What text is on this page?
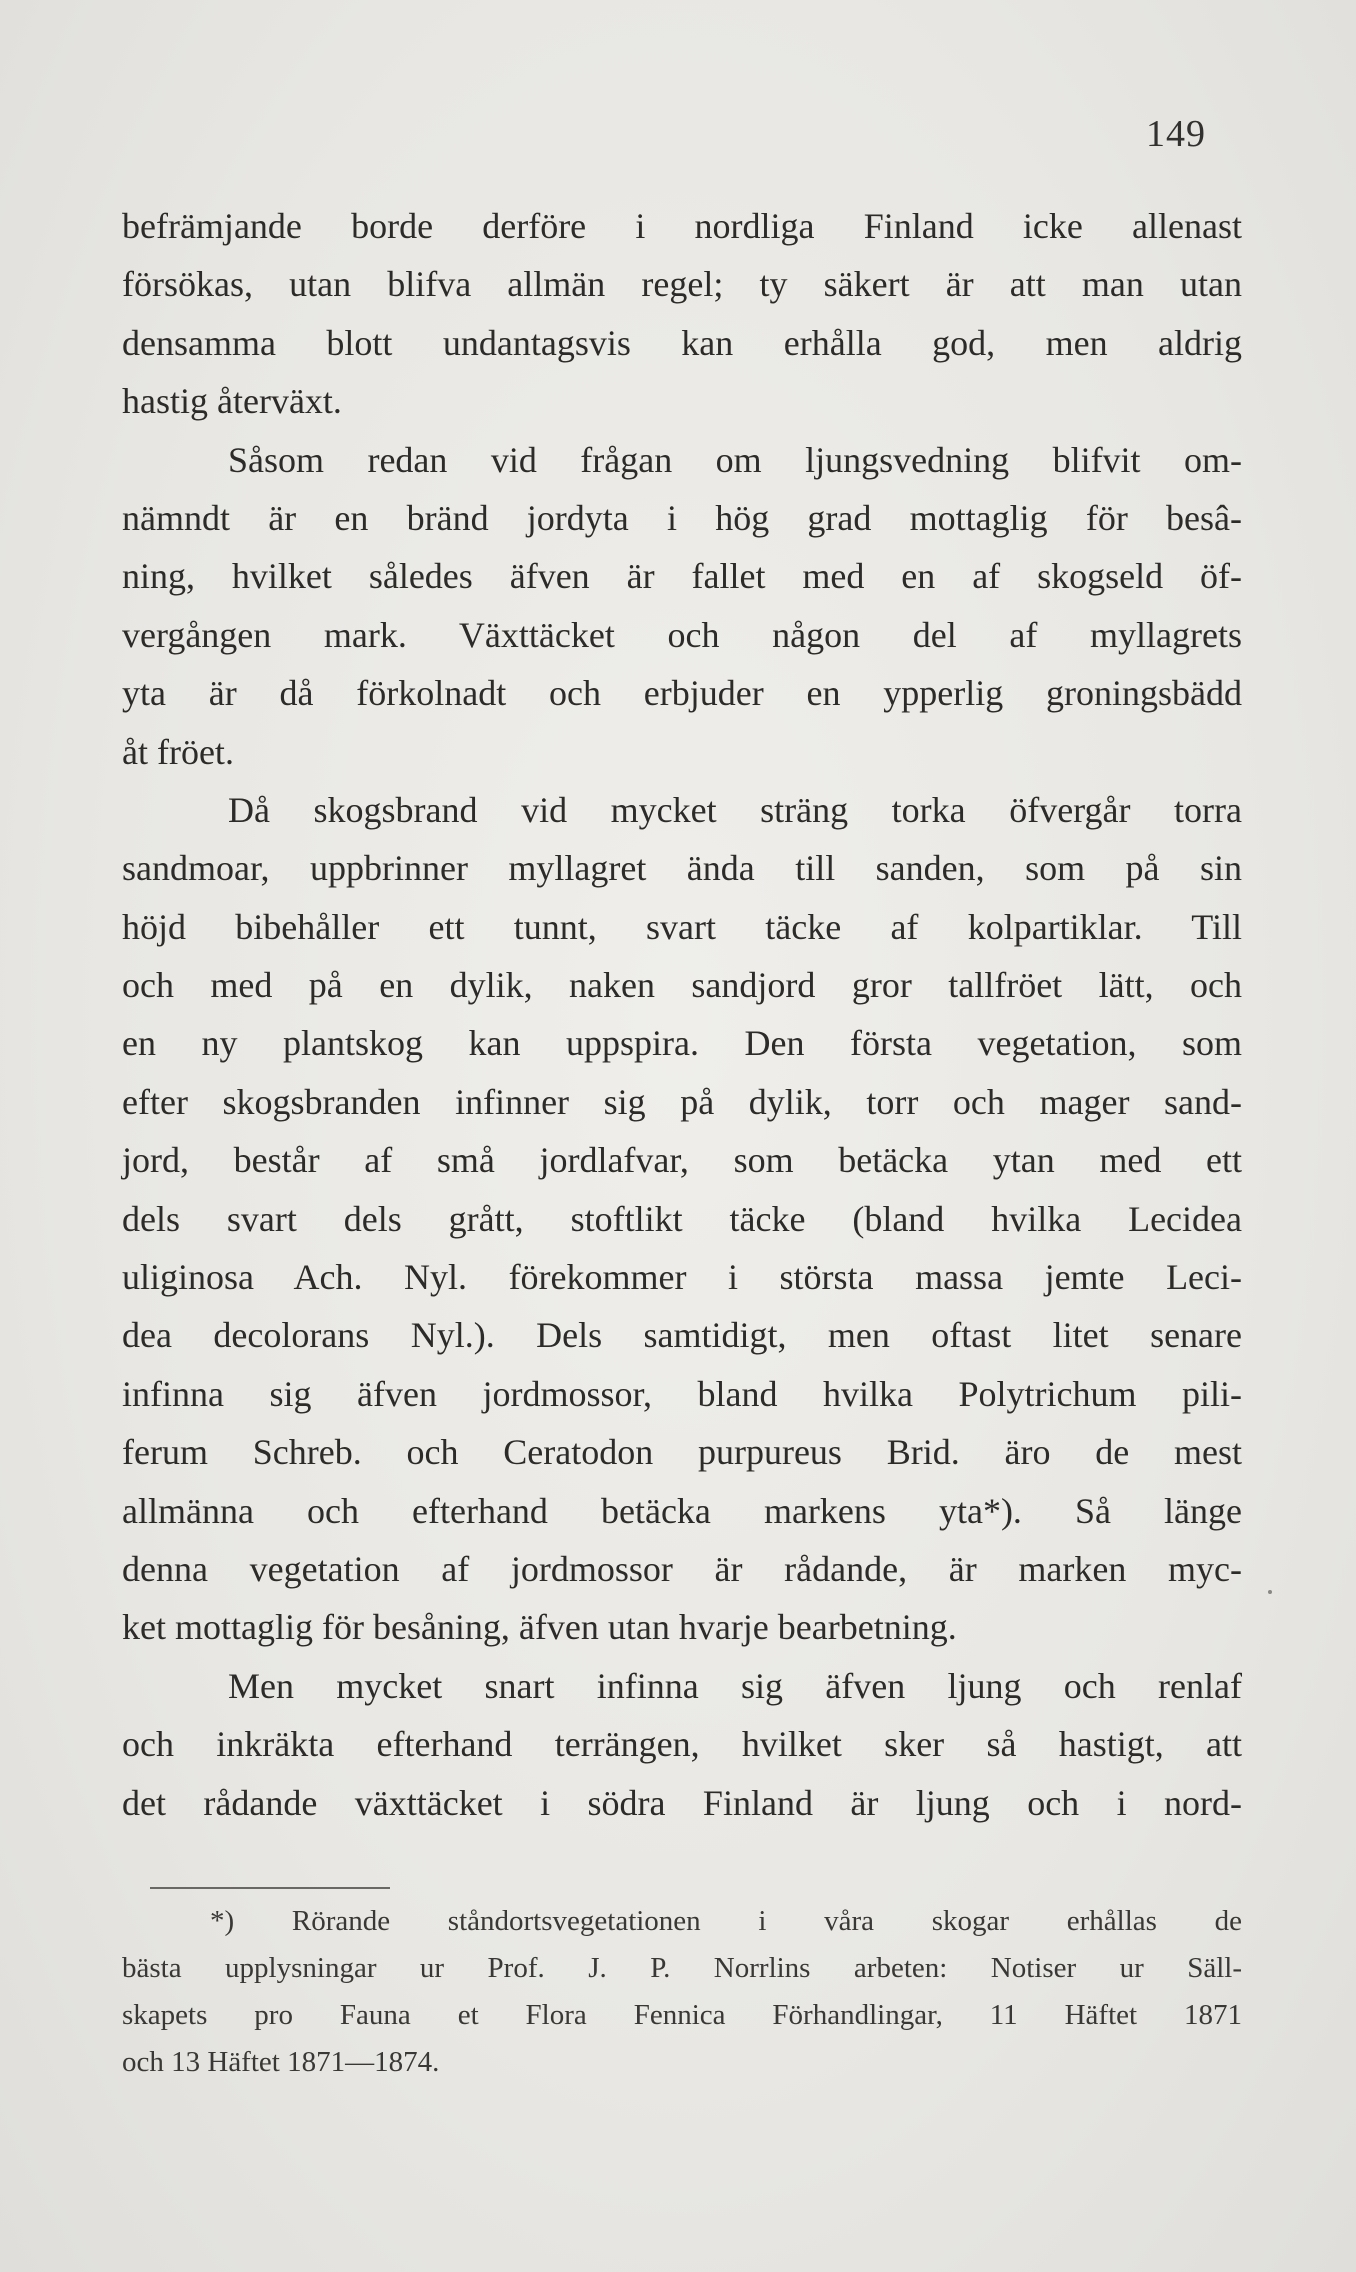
149
befrämjande borde derföre i nordliga Finland icke allenast
försökas, utan blifva allmän regel; ty säkert är att man utan
densamma blott undantagsvis kan erhålla god, men aldrig
hastig återväxt.
Såsom redan vid frågan om ljungsvedning blifvit om-
nämndt är en bränd jordyta i hög grad mottaglig för besâ-
ning, hvilket således äfven är fallet med en af skogseld öf-
vergången mark. Växttäcket och någon del af myllagrets
yta är då förkolnadt och erbjuder en ypperlig groningsbädd
åt fröet.
Då skogsbrand vid mycket sträng torka öfvergår torra
sandmoar, uppbrinner myllagret ända till sanden, som på sin
höjd bibehåller ett tunnt, svart täcke af kolpartiklar. Till
och med på en dylik, naken sandjord gror tallfröet lätt, och
en ny plantskog kan uppspira. Den första vegetation, som
efter skogsbranden infinner sig på dylik, torr och mager sand-
jord, består af små jordlafvar, som betäcka ytan med ett
dels svart dels grått, stoftlikt täcke (bland hvilka Lecidea
uliginosa Ach. Nyl. förekommer i största massa jemte Leci-
dea decolorans Nyl.). Dels samtidigt, men oftast litet senare
infinna sig äfven jordmossor, bland hvilka Polytrichum pili-
ferum Schreb. och Ceratodon purpureus Brid. äro de mest
allmänna och efterhand betäcka markens yta*). Så länge
denna vegetation af jordmossor är rådande, är marken myc-
ket mottaglig för besåning, äfven utan hvarje bearbetning.
Men mycket snart infinna sig äfven ljung och renlaf
och inkräkta efterhand terrängen, hvilket sker så hastigt, att
det rådande växttäcket i södra Finland är ljung och i nord-
*) Rörande ståndortsvegetationen i våra skogar erhållas de
bästa upplysningar ur Prof. J. P. Norrlins arbeten: Notiser ur Säll-
skapets pro Fauna et Flora Fennica Förhandlingar, 11 Häftet 1871
och 13 Häftet 1871—1874.
